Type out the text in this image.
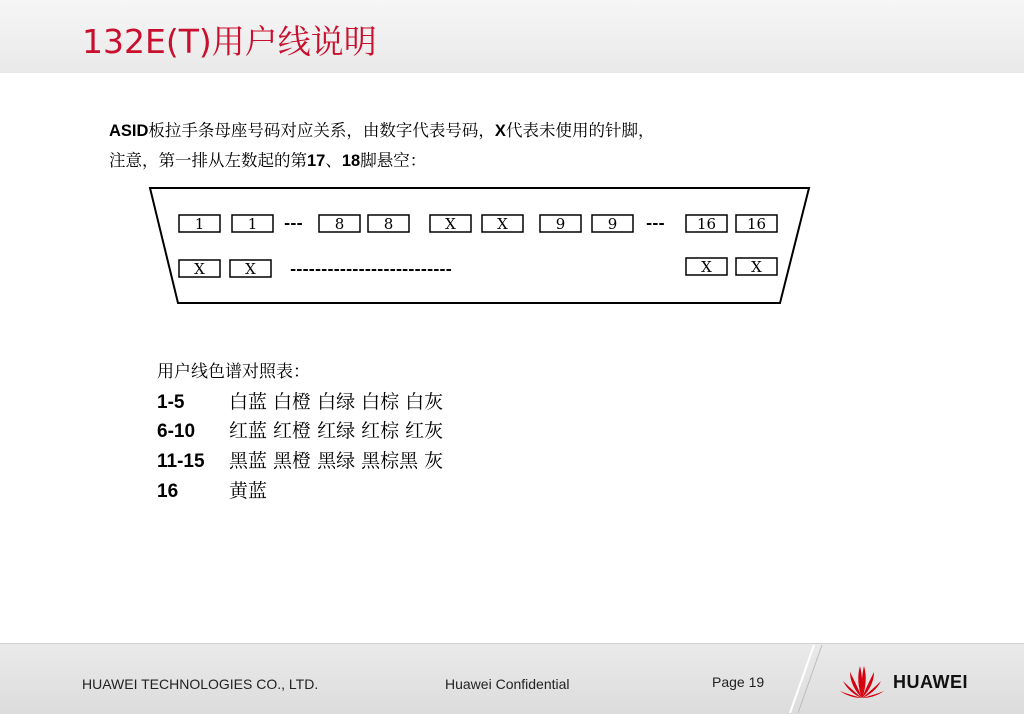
132E(T)用户线说明
ASID板拉手条母座号码对应关系，由数字代表号码，X代表未使用的针脚，
注意，第一排从左数起的第17、18脚悬空：
1	1 --- 8	8	X	X	9	9 --- 16 16
X	X --------------------------	X	X
用户线色谱对照表：
1-5 白蓝 白橙 白绿 白棕 白灰
6-10 红蓝 红橙 红绿 红棕 红灰
11-15 黑蓝 黑橙 黑绿 黑棕黑 灰
16	黄蓝
HUAWEI TECHNOLOGIES CO., LTD.	Huawei Confidential	Page 19	HUAWEI
